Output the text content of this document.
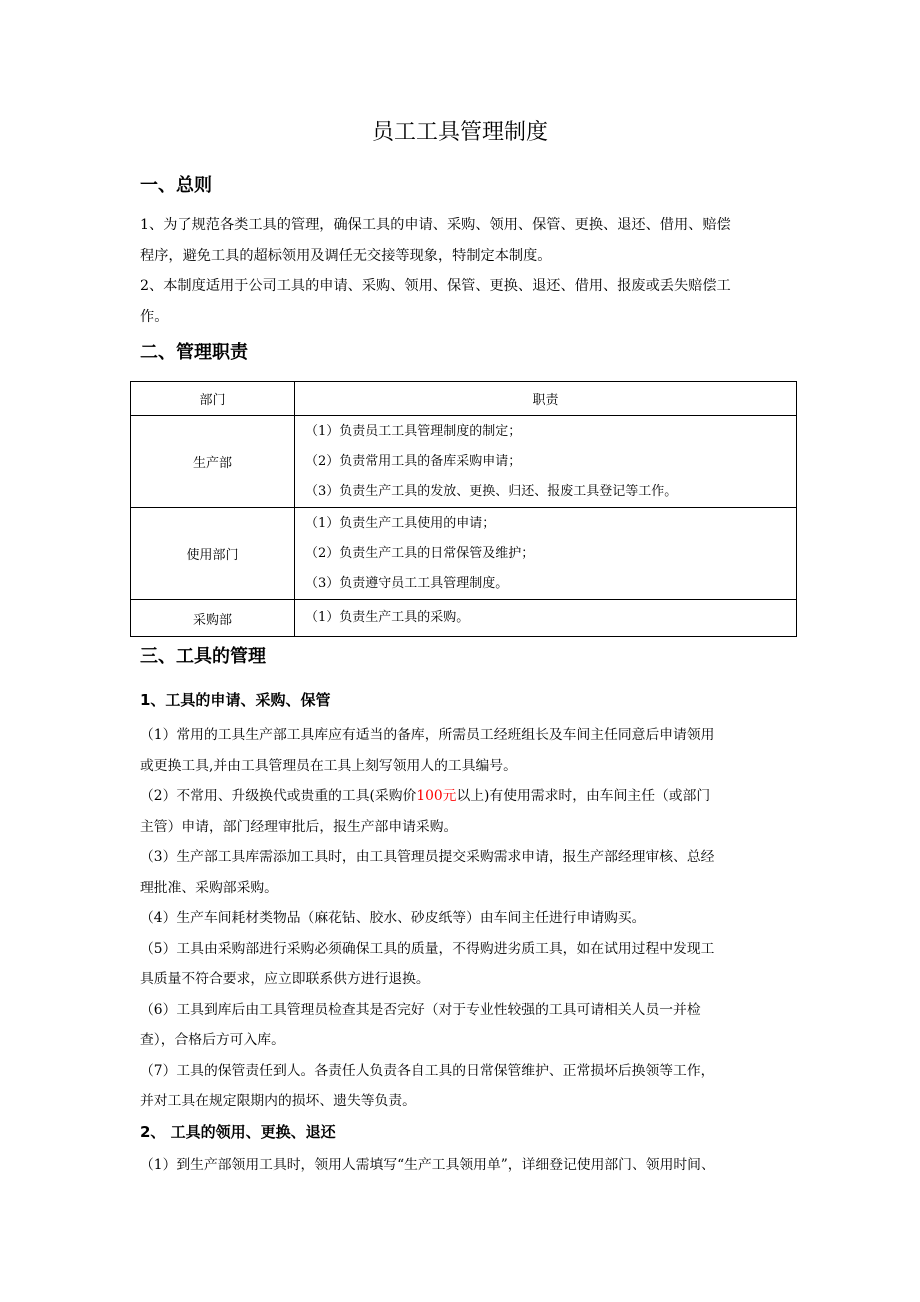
员工工具管理制度
一、总则
1、为了规范各类工具的管理，确保工具的申请、采购、领用、保管、更换、退还、借用、赔偿
程序，避免工具的超标领用及调任无交接等现象，特制定本制度。
2、本制度适用于公司工具的申请、采购、领用、保管、更换、退还、借用、报废或丢失赔偿工
作。
二、管理职责
部门	职责
生产部	（1）负责员工工具管理制度的制定；
（2）负责常用工具的备库采购申请；
（3）负责生产工具的发放、更换、归还、报废工具登记等工作。

使用部门	（1）负责生产工具使用的申请；
（2）负责生产工具的日常保管及维护；
（3）负责遵守员工工具管理制度。

采购部	（1）负责生产工具的采购。
三、工具的管理
1、工具的申请、采购、保管
（1）常用的工具生产部工具库应有适当的备库，所需员工经班组长及车间主任同意后申请领用
或更换工具,并由工具管理员在工具上刻写领用人的工具编号。
（2）不常用、升级换代或贵重的工具(采购价100元以上)有使用需求时，由车间主任（或部门
主管）申请，部门经理审批后，报生产部申请采购。
（3）生产部工具库需添加工具时，由工具管理员提交采购需求申请，报生产部经理审核、总经
理批准、采购部采购。
（4）生产车间耗材类物品（麻花钻、胶水、砂皮纸等）由车间主任进行申请购买。
（5）工具由采购部进行采购必须确保工具的质量，不得购进劣质工具，如在试用过程中发现工
具质量不符合要求，应立即联系供方进行退换。
（6）工具到库后由工具管理员检查其是否完好（对于专业性较强的工具可请相关人员一并检
查），合格后方可入库。
（7）工具的保管责任到人。各责任人负责各自工具的日常保管维护、正常损坏后换领等工作，
并对工具在规定限期内的损坏、遗失等负责。
2、 工具的领用、更换、退还
（1）到生产部领用工具时，领用人需填写“生产工具领用单”，详细登记使用部门、领用时间、
